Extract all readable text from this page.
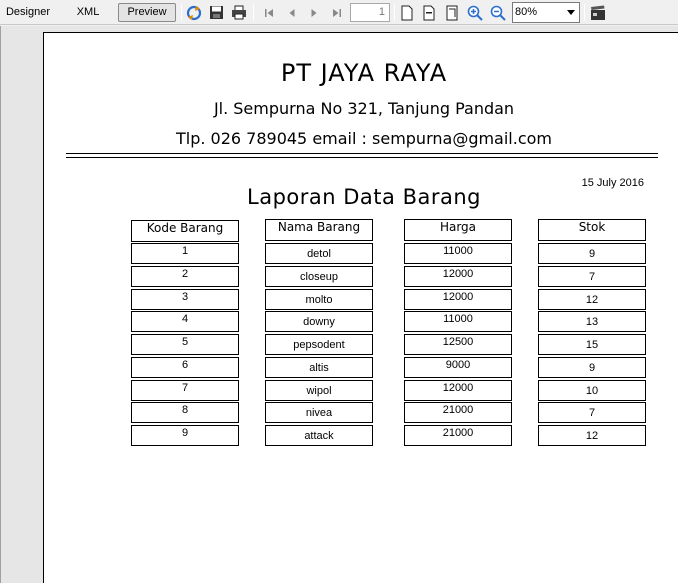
Designer	XML	Preview	1	80%
PT JAYA RAYA
Jl. Sempurna No 321, Tanjung Pandan
Tlp. 026 789045 email : sempurna@gmail.com
15 July 2016
Laporan Data Barang
Kode Barang	Nama Barang	Harga	Stok
1	detol	11000	9
2	closeup	12000	7
3	molto	12000	12
4	downy	11000	13
5	pepsodent	12500	15
6	altis	9000	9
7	wipol	12000	10
8	nivea	21000	7
9	attack	21000	12
